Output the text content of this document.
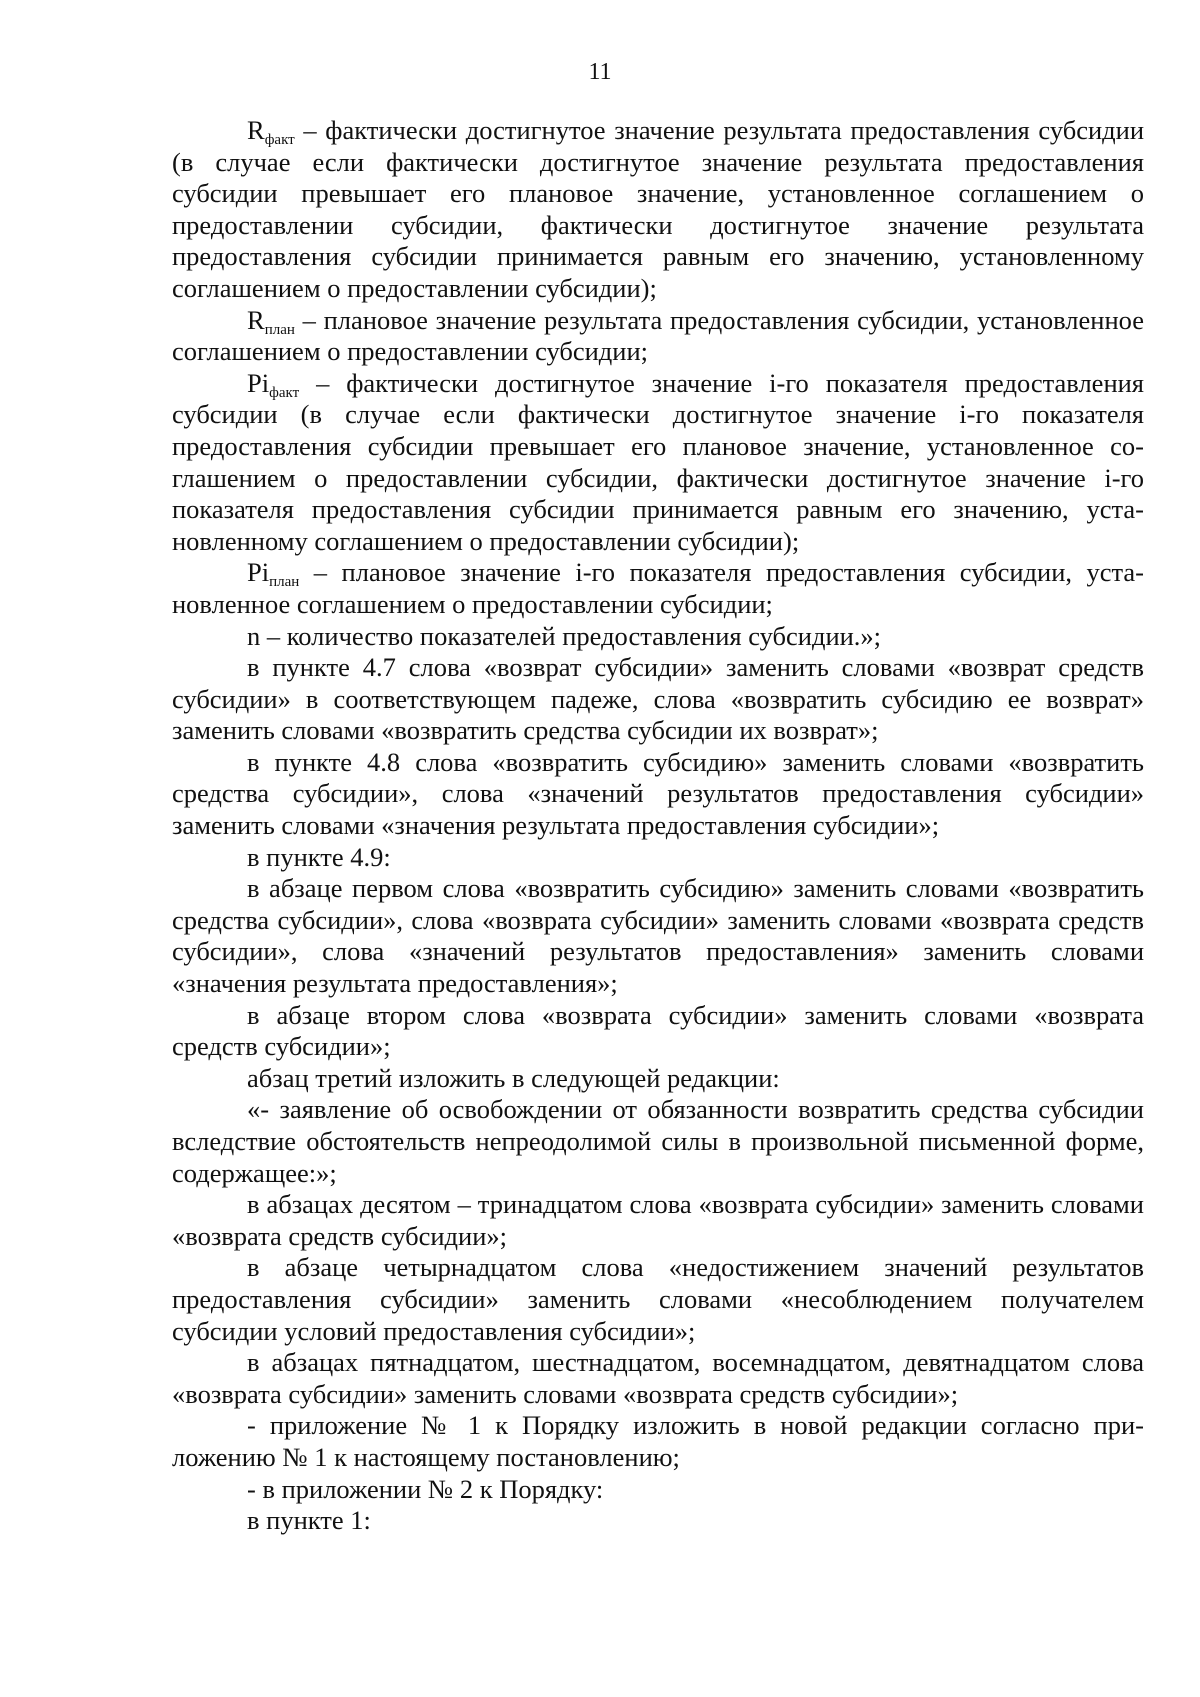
11

$R_{факт}$ – фактически достигнутое значение результата предоставления субсидии (в случае если фактически достигнутое значение результата предоставления субсидии превышает его плановое значение, установленное соглашением о предоставлении субсидии, фактически достигнутое значение результата предоставления субсидии принимается равным его значению, установленному соглашением о предоставлении субсидии);

$R_{план}$ – плановое значение результата предоставления субсидии, установленное соглашением о предоставлении субсидии;

$Pi_{факт}$ – фактически достигнутое значение i-го показателя предоставления субсидии (в случае если фактически достигнутое значение i-го показателя предоставления субсидии превышает его плановое значение, установленное соглашением о предоставлении субсидии, фактически достигнутое значение i-го показателя предоставления субсидии принимается равным его значению, установленному соглашением о предоставлении субсидии);

$Pi_{план}$ – плановое значение i-го показателя предоставления субсидии, установленное соглашением о предоставлении субсидии;

n – количество показателей предоставления субсидии.»;

в пункте 4.7 слова «возврат субсидии» заменить словами «возврат средств субсидии» в соответствующем падеже, слова «возвратить субсидию ее возврат» заменить словами «возвратить средства субсидии их возврат»;

в пункте 4.8 слова «возвратить субсидию» заменить словами «возвратить средства субсидии», слова «значений результатов предоставления субсидии» заменить словами «значения результата предоставления субсидии»;

в пункте 4.9:

в абзаце первом слова «возвратить субсидию» заменить словами «возвратить средства субсидии», слова «возврата субсидии» заменить словами «возврата средств субсидии», слова «значений результатов предоставления» заменить словами «значения результата предоставления»;

в абзаце втором слова «возврата субсидии» заменить словами «возврата средств субсидии»;

абзац третий изложить в следующей редакции:

«- заявление об освобождении от обязанности возвратить средства субсидии вследствие обстоятельств непреодолимой силы в произвольной письменной форме, содержащее:»;

в абзацах десятом – тринадцатом слова «возврата субсидии» заменить словами «возврата средств субсидии»;

в абзаце четырнадцатом слова «недостижением значений результатов предоставления субсидии» заменить словами «несоблюдением получателем субсидии условий предоставления субсидии»;

в абзацах пятнадцатом, шестнадцатом, восемнадцатом, девятнадцатом слова «возврата субсидии» заменить словами «возврата средств субсидии»;

- приложение № 1 к Порядку изложить в новой редакции согласно приложению № 1 к настоящему постановлению;

- в приложении № 2 к Порядку:

в пункте 1:
